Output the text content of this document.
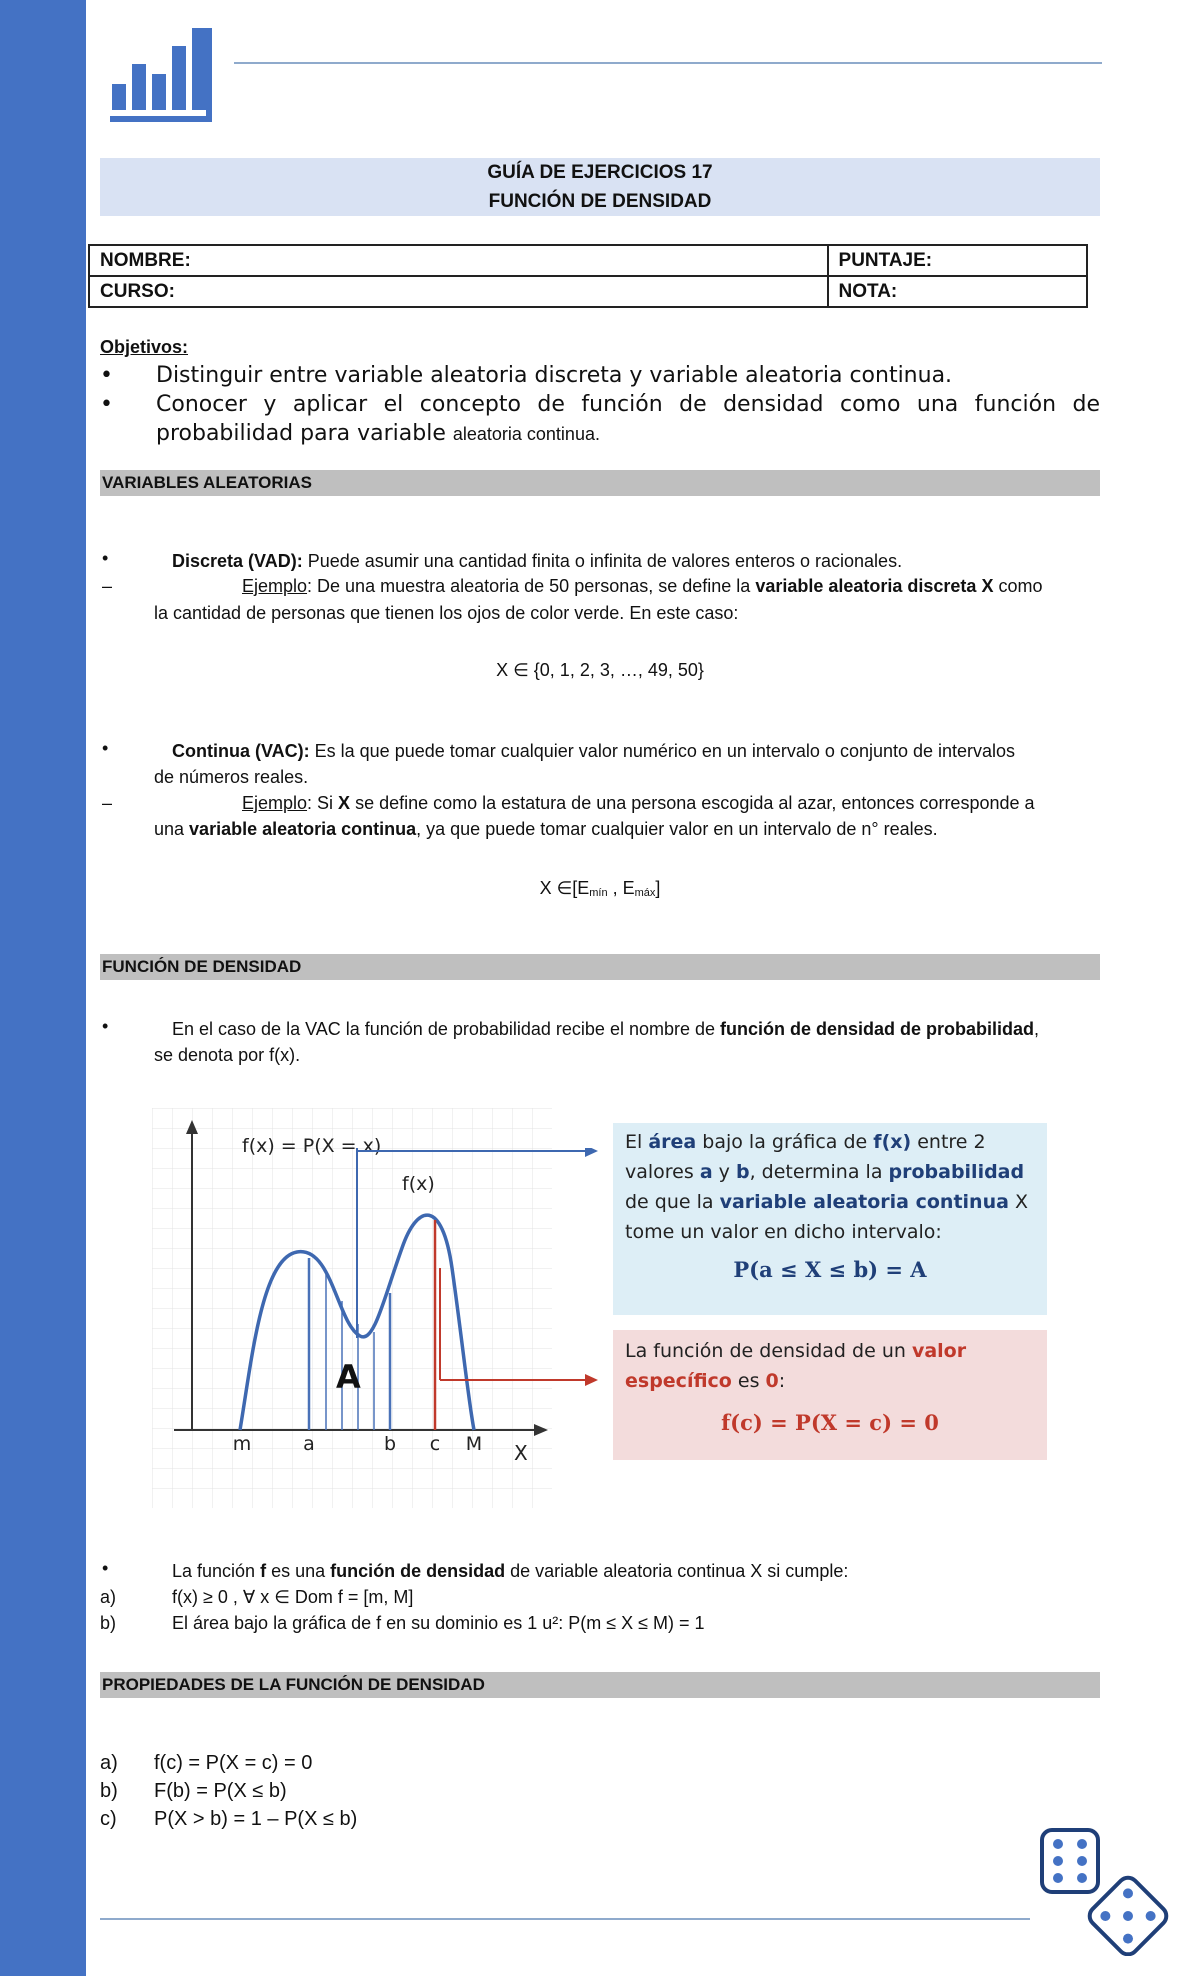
GUÍA DE EJERCICIOS 17
FUNCIÓN DE DENSIDAD
NOMBRE:	PUNTAJE:
CURSO:	NOTA:
Objetivos:
• Distinguir entre variable aleatoria discreta y variable aleatoria continua.
• Conocer y aplicar el concepto de función de densidad como una función de
probabilidad para variable aleatoria continua.
VARIABLES ALEATORIAS
•	Discreta (VAD): Puede asumir una cantidad finita o infinita de valores enteros o racionales.
–	Ejemplo: De una muestra aleatoria de 50 personas, se define la variable aleatoria discreta X como
la cantidad de personas que tienen los ojos de color verde. En este caso:
X ∈ {0, 1, 2, 3, …, 49, 50}
•	Continua (VAC): Es la que puede tomar cualquier valor numérico en un intervalo o conjunto de intervalos
de números reales.
–	Ejemplo: Si X se define como la estatura de una persona escogida al azar, entonces corresponde a
una variable aleatoria continua, ya que puede tomar cualquier valor en un intervalo de n° reales.
X $\in[E_{mín}$ , $E_{máx}$]
FUNCIÓN DE DENSIDAD
•	En el caso de la VAC la función de probabilidad recibe el nombre de función de densidad de probabilidad,
se denota por f(x).
f(x) = P(X = x)
f(x)
A
X
m	a	b c M
El área bajo la gráfica de f(x) entre 2
valores a y b, determina la probabilidad
de que la variable aleatoria continua X
tome un valor en dicho intervalo:
P(a ≤ X ≤ b) = A
La función de densidad de un valor
específico es 0:
f(c) = P(X = c) = 0
•	La función f es una función de densidad de variable aleatoria continua X si cumple:
a)	f(x) ≥ 0 , ∀ x ∈ Dom f = [m, M]
b)	El área bajo la gráfica de f en su dominio es 1 u²: P(m ≤ X ≤ M) = 1
PROPIEDADES DE LA FUNCIÓN DE DENSIDAD
a) f(c) = P(X = c) = 0
b) F(b) = P(X ≤ b)
c) P(X > b) = 1 – P(X ≤ b)
